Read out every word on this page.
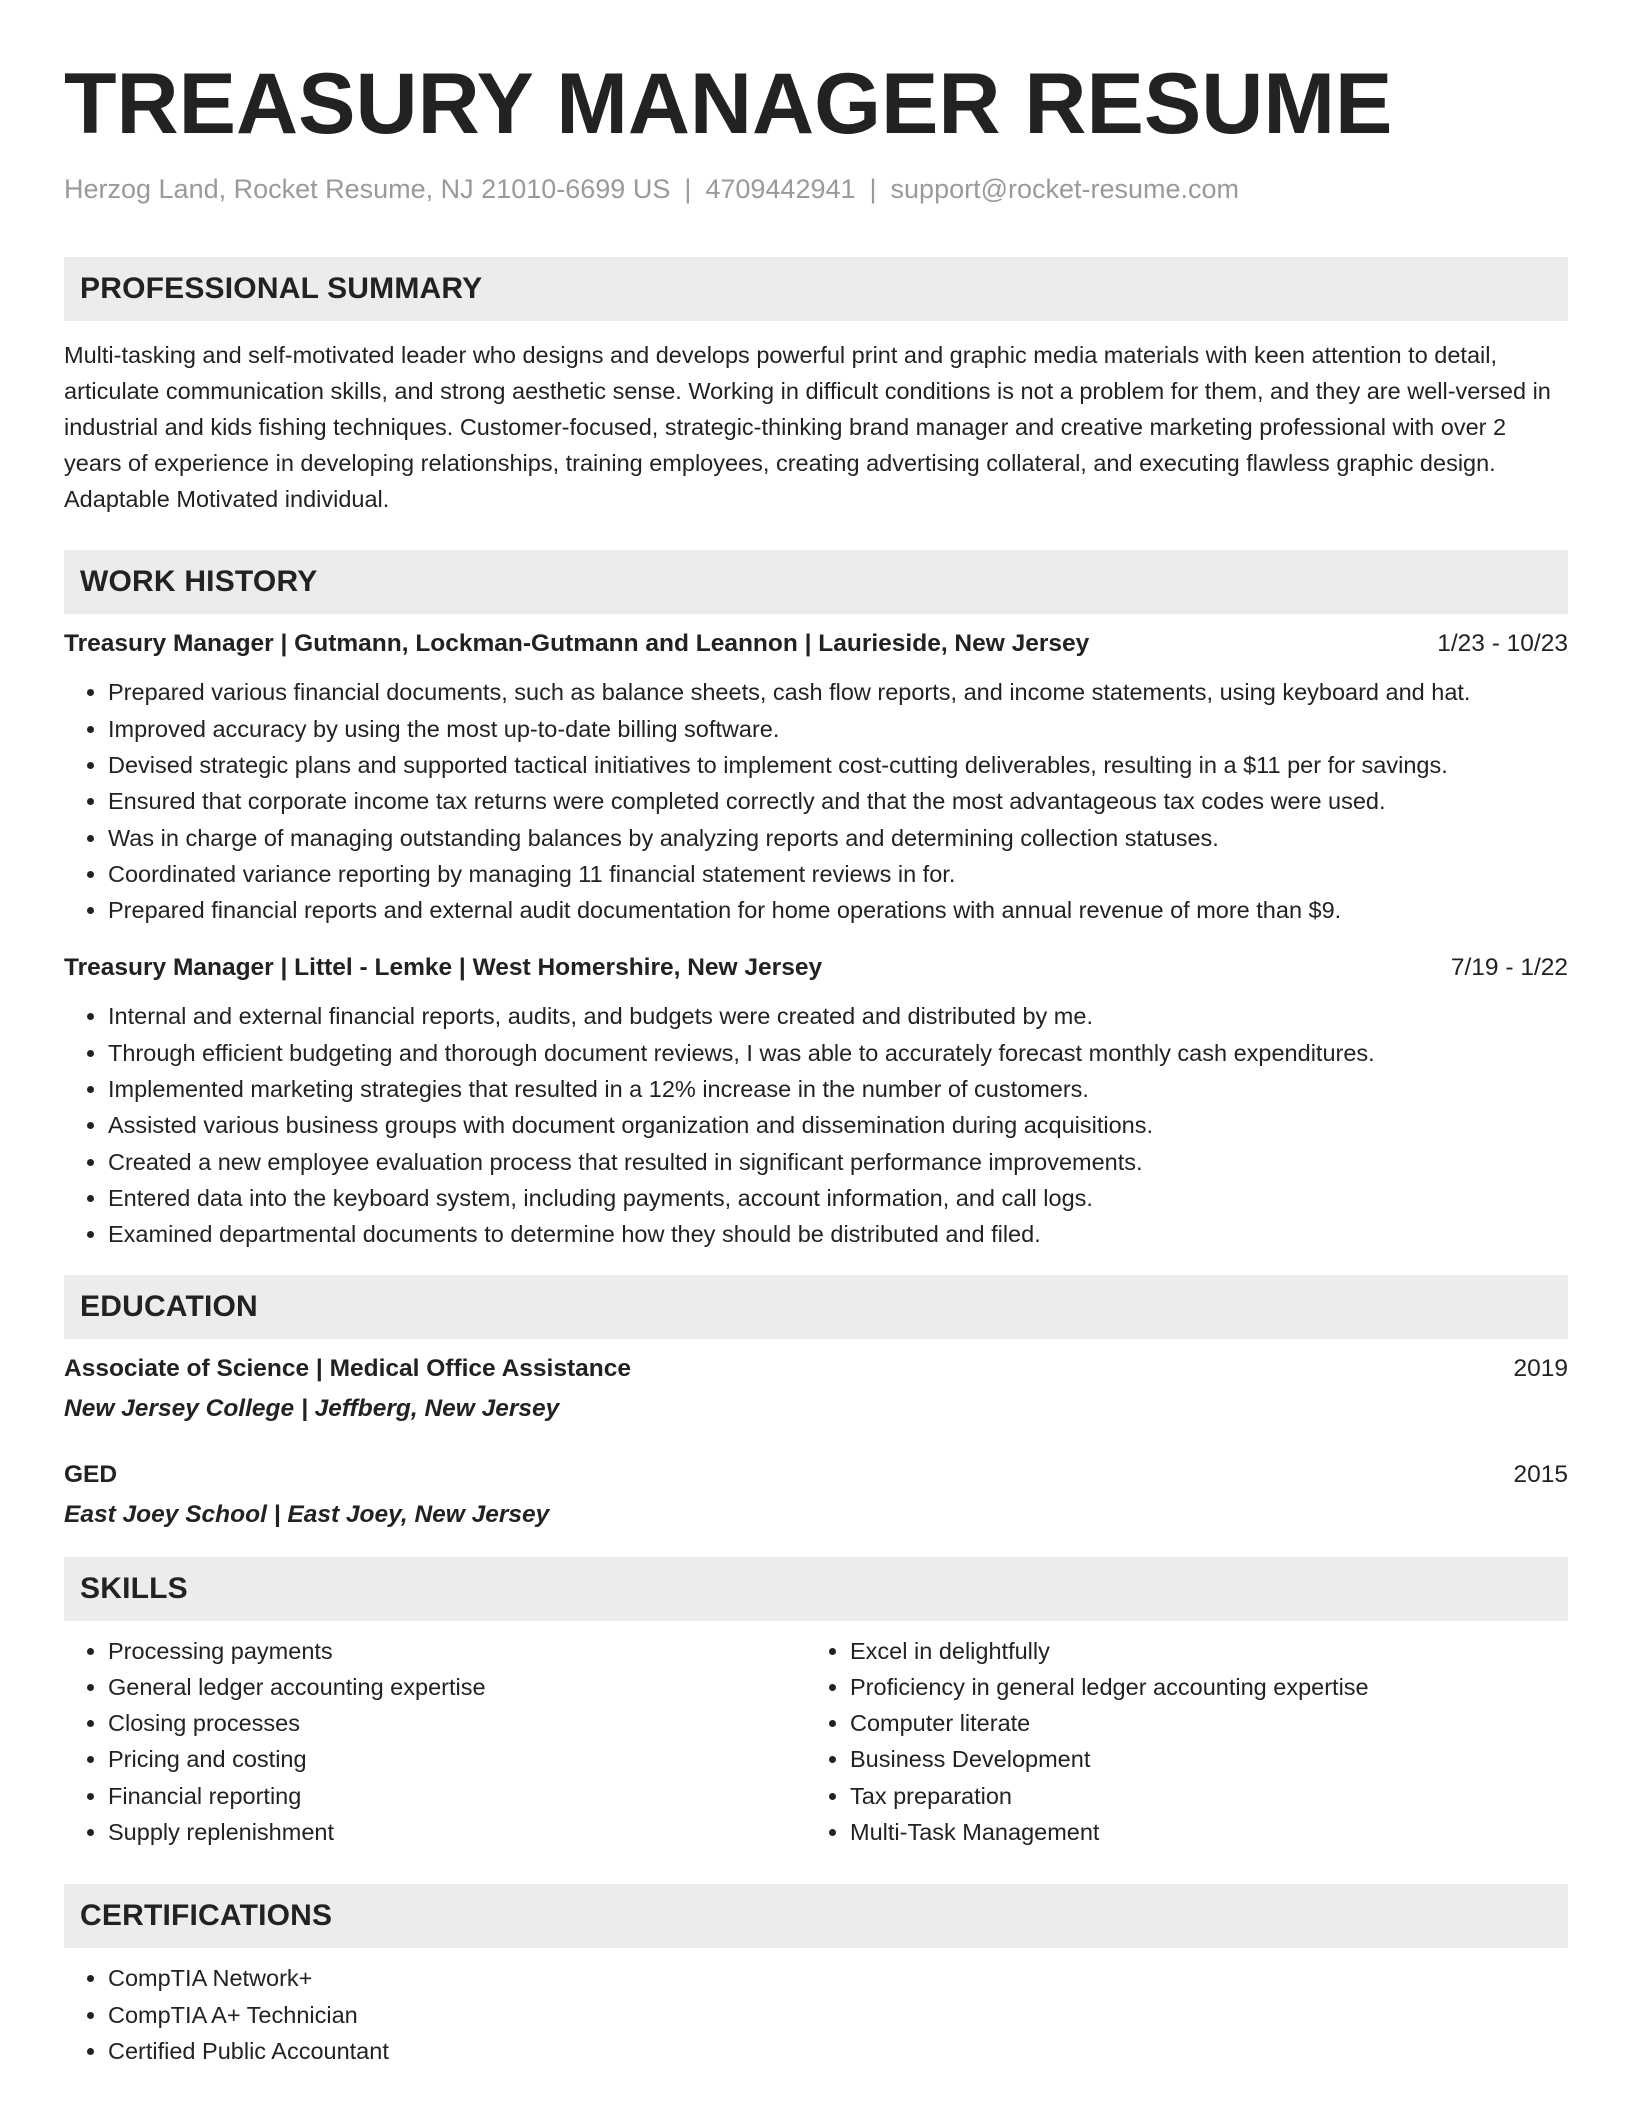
TREASURY MANAGER RESUME
Herzog Land, Rocket Resume, NJ 21010-6699 US | 4709442941 | support@rocket-resume.com
PROFESSIONAL SUMMARY

Multi-tasking and self-motivated leader who designs and develops powerful print and graphic media materials with keen attention to detail, articulate communication skills, and strong aesthetic sense. Working in difficult conditions is not a problem for them, and they are well-versed in industrial and kids fishing techniques. Customer-focused, strategic-thinking brand manager and creative marketing professional with over 2 years of experience in developing relationships, training employees, creating advertising collateral, and executing flawless graphic design. Adaptable Motivated individual.

WORK HISTORY
Treasury Manager | Gutmann, Lockman-Gutmann and Leannon | Laurieside, New Jersey	1/23 - 10/23
• Prepared various financial documents, such as balance sheets, cash flow reports, and income statements, using keyboard and hat.
• Improved accuracy by using the most up-to-date billing software.
• Devised strategic plans and supported tactical initiatives to implement cost-cutting deliverables, resulting in a $11 per for savings.
• Ensured that corporate income tax returns were completed correctly and that the most advantageous tax codes were used.
• Was in charge of managing outstanding balances by analyzing reports and determining collection statuses.
• Coordinated variance reporting by managing 11 financial statement reviews in for.
• Prepared financial reports and external audit documentation for home operations with annual revenue of more than $9.
Treasury Manager | Littel - Lemke | West Homershire, New Jersey	7/19 - 1/22
• Internal and external financial reports, audits, and budgets were created and distributed by me.
• Through efficient budgeting and thorough document reviews, I was able to accurately forecast monthly cash expenditures.
• Implemented marketing strategies that resulted in a 12% increase in the number of customers.
• Assisted various business groups with document organization and dissemination during acquisitions.
• Created a new employee evaluation process that resulted in significant performance improvements.
• Entered data into the keyboard system, including payments, account information, and call logs.
• Examined departmental documents to determine how they should be distributed and filed.
EDUCATION
Associate of Science | Medical Office Assistance	2019
New Jersey College | Jeffberg, New Jersey
GED	2015
East Joey School | East Joey, New Jersey
SKILLS
• Processing payments
• General ledger accounting expertise
• Closing processes
• Pricing and costing
• Financial reporting
• Supply replenishment
• Excel in delightfully
• Proficiency in general ledger accounting expertise
• Computer literate
• Business Development
• Tax preparation
• Multi-Task Management
CERTIFICATIONS
• CompTIA Network+
• CompTIA A+ Technician
• Certified Public Accountant
